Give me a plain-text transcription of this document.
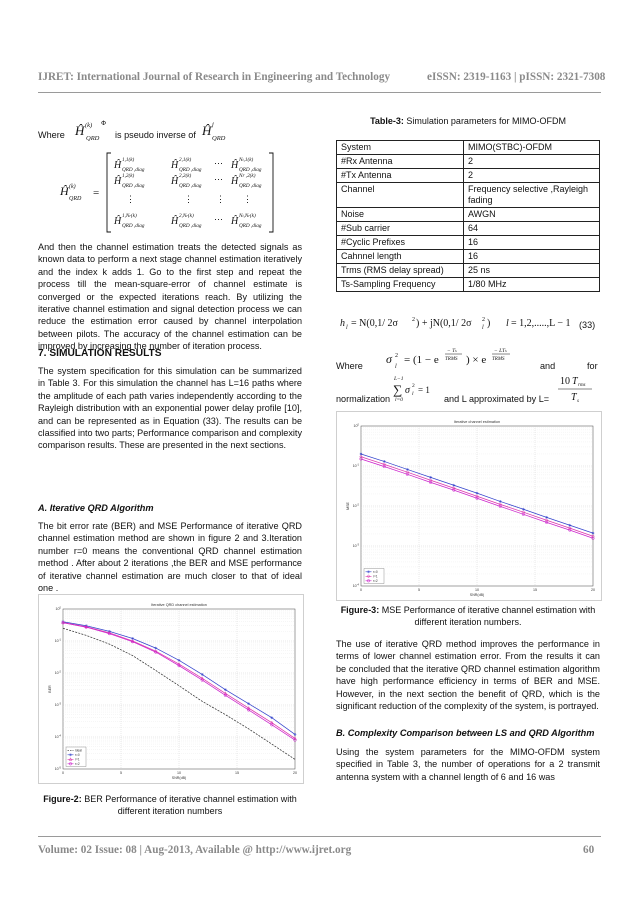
IJRET: International Journal of Research in Engineering and Technology	eISSN: 2319-1163 | pISSN: 2321-7308
Where Ĥ (k) Φ
QRD is pseudo inverse of Ĥ j
QRD
Ĥ (k)
QRD =
Ĥ
Ĥ
Ĥ
Ĥ
Ĥ
Ĥ
Ĥ
Ĥ
Ĥ
1,1(k)
QRD ,diag
1,2(k)
QRD ,diag
1,Nr(k)
QRD ,diag
2,1(k)
QRD ,diag
2,2(k)
QRD ,diag
2,Nr(k)
QRD ,diag
Nt,1(k)
QRD ,diag
Nr ,2(k)
QRD ,diag
Nt,Nr(k)
QRD ,diag
⋯
⋯
⋯
⋮	⋮	⋮ ⋮
And then the channel estimation treats the detected signals as known data to perform a next stage channel estimation iteratively and the index k adds 1. Go to the first step and repeat the process till the mean-square-error of channel estimate is converged or the expected iterations reach. By utilizing the iterative channel estimation and signal detection process we can reduce the estimation error caused by channel interpolation between pilots. The accuracy of the channel estimation can be improved by increasing the number of iteration process.
7. SIMULATION RESULTS
The system specification for this simulation can be summarized in Table 3. For this simulation the channel has L=16 paths where the amplitude of each path varies independently according to the Rayleigh distribution with an exponential power delay profile [10], and can be represented as in Equation (33). The results can be classified into two parts; Performance comparison and complexity comparison results. These are presented in the next sections.
A. Iterative QRD Algorithm
The bit error rate (BER) and MSE Performance of iterative QRD channel estimation method are shown in figure 2 and 3.Iteration number r=0 means the conventional QRD channel estimation method . After about 2 iterations ,the BER and MSE performance of iterative channel estimation are much closer to that of ideal one .
$10^{-5}$
$10^{-4}$
$10^{-3}$
$10^{-2}$
$10^{-1}$
$10^0$
0	5	10	15	20
Iterative QRD channel estimation
SNR(dB)
BER
Ideal
r=0
r=1
r=2
Figure-2: BER Performance of iterative channel estimation with different iteration numbers
Table-3: Simulation parameters for MIMO-OFDM
System	MIMO(STBC)-OFDM
#Rx Antenna	2
#Tx Antenna	2
Channel	Frequency selective ,Rayleigh fading
Noise	AWGN
#Sub carrier	64
#Cyclic Prefixes	16
Cahnnel length	16
Trms (RMS delay spread)	25 ns
Ts-Sampling Frequency	1/80 MHz
h l = N(0,1/ 2σ 2 ) + jN(0,1/ 2σ l
2 ) l = 1,2,.....,L − 1 (33)
Where σ 2
l
= (1 − e
− Ts
TRMS ) × e
− LTs
TRMS
and	for
normalization
L−1
∑
l=0
σ 2
l = 1
and L approximated by L=
10 T rms
T s
$10^{-4}$
$10^{-3}$
$10^{-2}$
$10^{-1}$
$10^0$
0	5	10	15	20
Iterative channel estimation
SNR(dB)
MSE
r=0
r=1
r=2
Figure-3: MSE Performance of iterative channel estimation with different iteration numbers.
The use of iterative QRD method improves the performance in terms of lower channel estimation error. From the results it can be concluded that the iterative QRD channel estimation algorithm have high performance efficiency in terms of BER and MSE. However, in the next section the benefit of QRD, which is the significant reduction of the complexity of the system, is portrayed.
B. Complexity Comparison between LS and QRD Algorithm
Using the system parameters for the MIMO-OFDM system specified in Table 3, the number of operations for a 2 transmit antenna system with a channel length of 6 and 16 was
Volume: 02 Issue: 08 | Aug-2013, Available @ http://www.ijret.org	60
